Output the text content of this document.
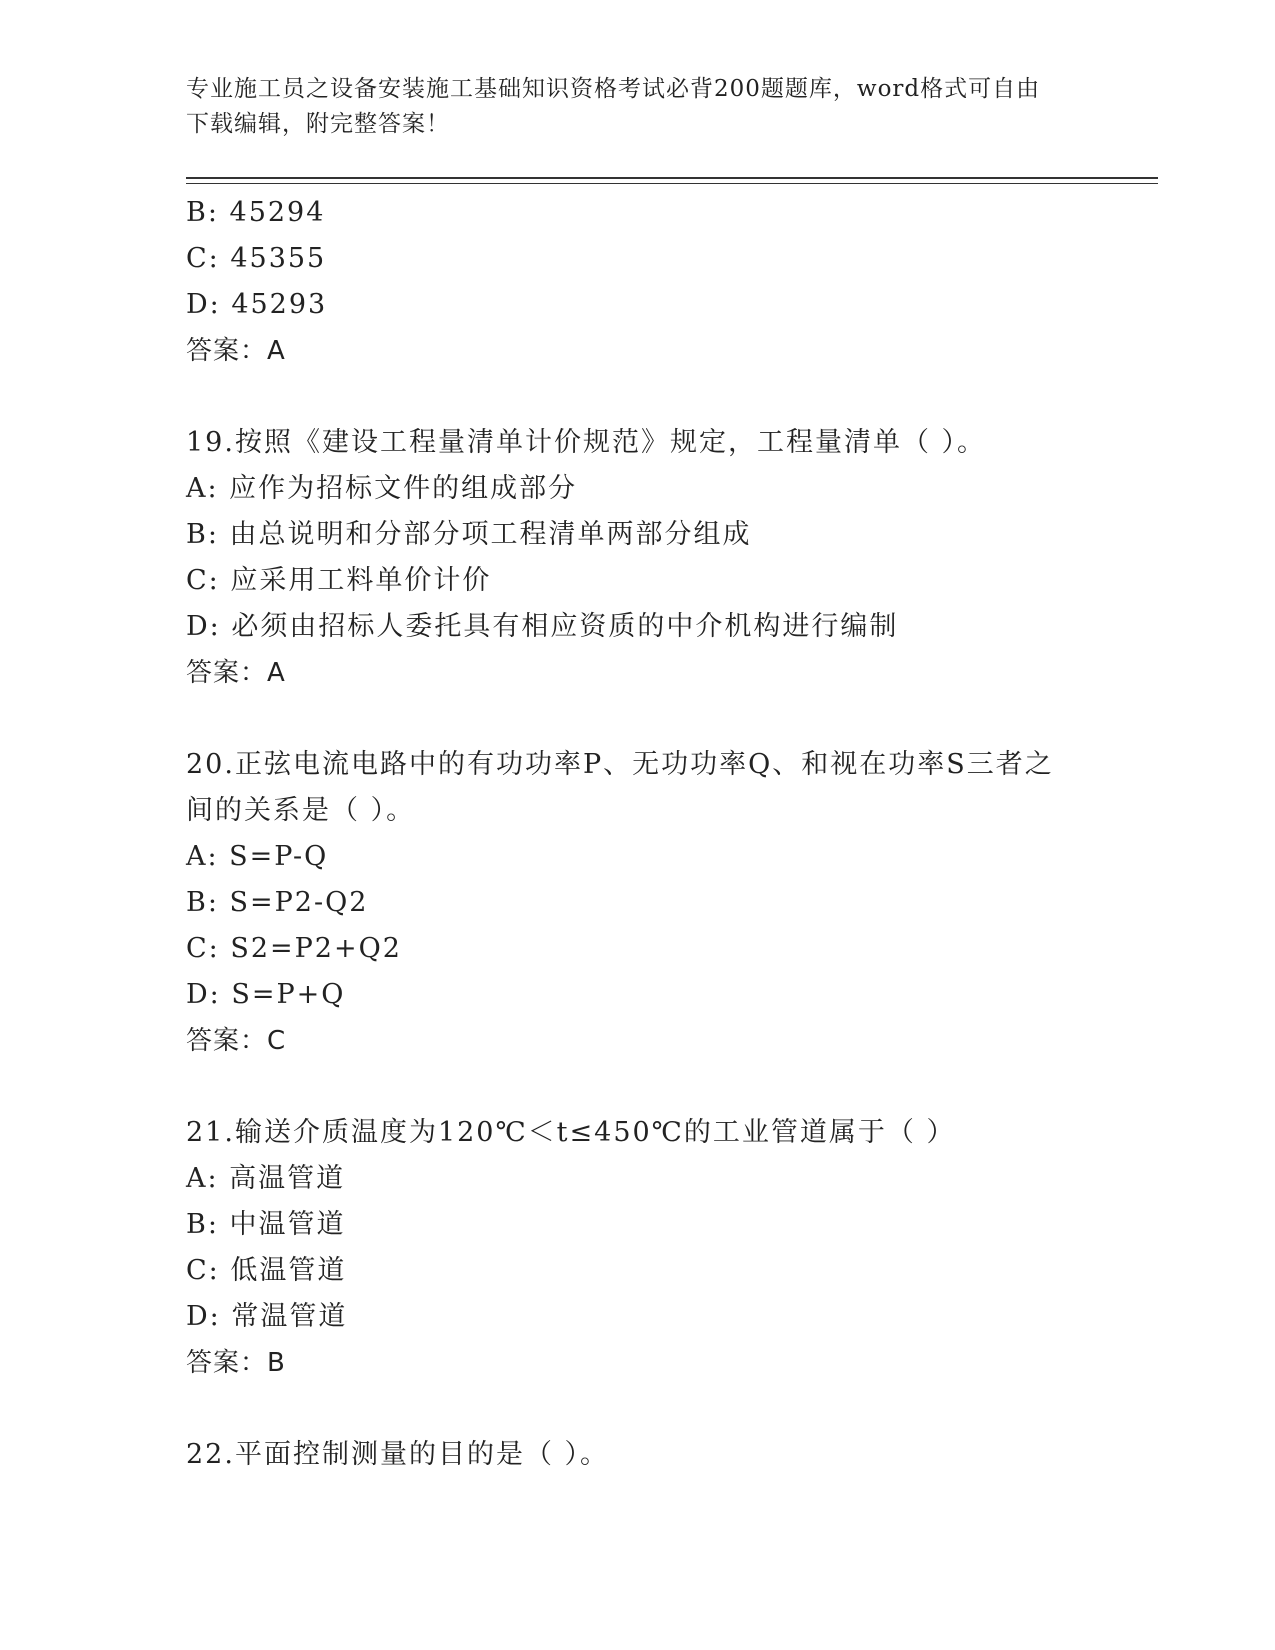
专业施工员之设备安装施工基础知识资格考试必背200题题库，word格式可自由
下载编辑，附完整答案！
B: 45294
C: 45355
D: 45293
答案：A
19.按照《建设工程量清单计价规范》规定，工程量清单（ ）。
A: 应作为招标文件的组成部分
B: 由总说明和分部分项工程清单两部分组成
C: 应采用工料单价计价
D: 必须由招标人委托具有相应资质的中介机构进行编制
答案：A
20.正弦电流电路中的有功功率P、无功功率Q、和视在功率S三者之
间的关系是（ ）。
A: S=P-Q
B: S=P2-Q2
C: S2=P2+Q2
D: S=P+Q
答案：C
21.输送介质温度为120℃＜t≤450℃的工业管道属于（ ）
A: 高温管道
B: 中温管道
C: 低温管道
D: 常温管道
答案：B
22.平面控制测量的目的是（ ）。
